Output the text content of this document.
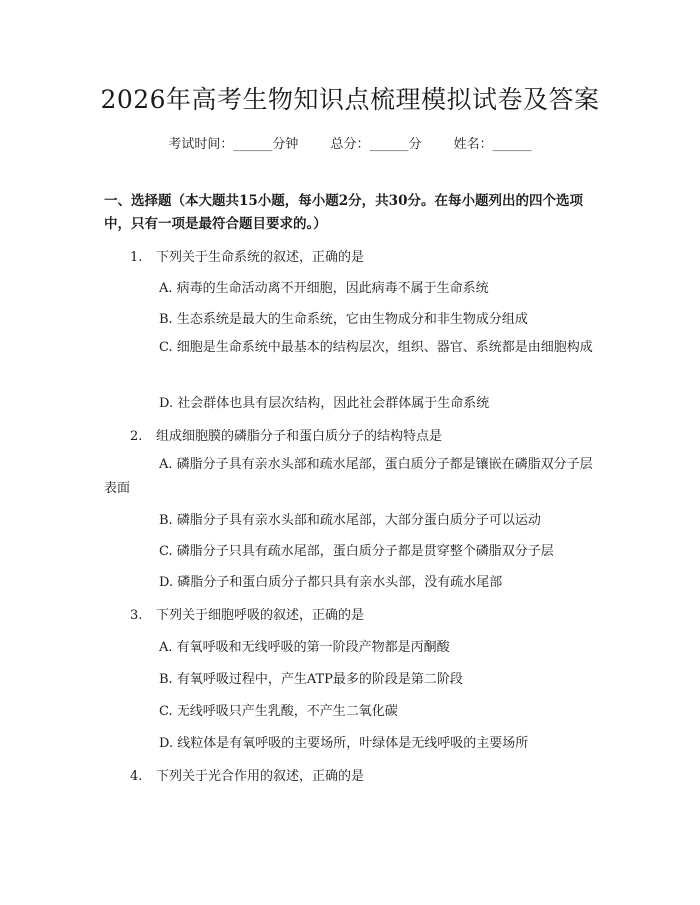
2026年高考生物知识点梳理模拟试卷及答案
考试时间：______分钟 总分：______分 姓名：______
一、选择题（本大题共15小题，每小题2分，共30分。在每小题列出的四个选项中，只有一项是最符合题目要求的。）
1. 下列关于生命系统的叙述，正确的是
A. 病毒的生命活动离不开细胞，因此病毒不属于生命系统
B. 生态系统是最大的生命系统，它由生物成分和非生物成分组成
C. 细胞是生命系统中最基本的结构层次，组织、器官、系统都是由细胞构成
D. 社会群体也具有层次结构，因此社会群体属于生命系统
2. 组成细胞膜的磷脂分子和蛋白质分子的结构特点是
A. 磷脂分子具有亲水头部和疏水尾部，蛋白质分子都是镶嵌在磷脂双分子层表面
B. 磷脂分子具有亲水头部和疏水尾部，大部分蛋白质分子可以运动
C. 磷脂分子只具有疏水尾部，蛋白质分子都是贯穿整个磷脂双分子层
D. 磷脂分子和蛋白质分子都只具有亲水头部，没有疏水尾部
3. 下列关于细胞呼吸的叙述，正确的是
A. 有氧呼吸和无线呼吸的第一阶段产物都是丙酮酸
B. 有氧呼吸过程中，产生ATP最多的阶段是第二阶段
C. 无线呼吸只产生乳酸，不产生二氧化碳
D. 线粒体是有氧呼吸的主要场所，叶绿体是无线呼吸的主要场所
4. 下列关于光合作用的叙述，正确的是
